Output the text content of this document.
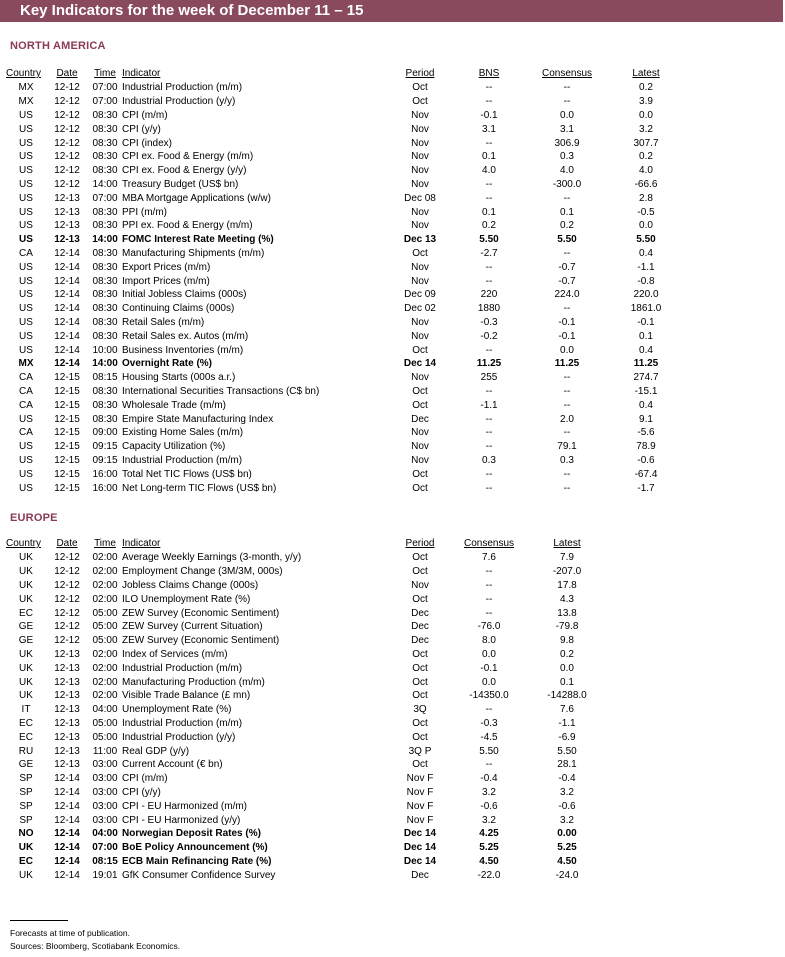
Key Indicators for the week of December 11 – 15
NORTH AMERICA
Country	Date	Time	Indicator	Period	BNS	Consensus	Latest
MX	12-12	07:00	Industrial Production (m/m)	Oct	--	--	0.2
MX	12-12	07:00	Industrial Production (y/y)	Oct	--	--	3.9
US	12-12	08:30	CPI (m/m)	Nov	-0.1	0.0	0.0
US	12-12	08:30	CPI (y/y)	Nov	3.1	3.1	3.2
US	12-12	08:30	CPI (index)	Nov	--	306.9	307.7
US	12-12	08:30	CPI ex. Food & Energy (m/m)	Nov	0.1	0.3	0.2
US	12-12	08:30	CPI ex. Food & Energy (y/y)	Nov	4.0	4.0	4.0
US	12-12	14:00	Treasury Budget (US$ bn)	Nov	--	-300.0	-66.6
US	12-13	07:00	MBA Mortgage Applications (w/w)	Dec 08	--	--	2.8
US	12-13	08:30	PPI (m/m)	Nov	0.1	0.1	-0.5
US	12-13	08:30	PPI ex. Food & Energy (m/m)	Nov	0.2	0.2	0.0
US	12-13	14:00	FOMC Interest Rate Meeting (%)	Dec 13	5.50	5.50	5.50
CA	12-14	08:30	Manufacturing Shipments (m/m)	Oct	-2.7	--	0.4
US	12-14	08:30	Export Prices (m/m)	Nov	--	-0.7	-1.1
US	12-14	08:30	Import Prices (m/m)	Nov	--	-0.7	-0.8
US	12-14	08:30	Initial Jobless Claims (000s)	Dec 09	220	224.0	220.0
US	12-14	08:30	Continuing Claims (000s)	Dec 02	1880	--	1861.0
US	12-14	08:30	Retail Sales (m/m)	Nov	-0.3	-0.1	-0.1
US	12-14	08:30	Retail Sales ex. Autos (m/m)	Nov	-0.2	-0.1	0.1
US	12-14	10:00	Business Inventories (m/m)	Oct	--	0.0	0.4
MX	12-14	14:00	Overnight Rate (%)	Dec 14	11.25	11.25	11.25
CA	12-15	08:15	Housing Starts (000s a.r.)	Nov	255	--	274.7
CA	12-15	08:30	International Securities Transactions (C$ bn)	Oct	--	--	-15.1
CA	12-15	08:30	Wholesale Trade (m/m)	Oct	-1.1	--	0.4
US	12-15	08:30	Empire State Manufacturing Index	Dec	--	2.0	9.1
CA	12-15	09:00	Existing Home Sales (m/m)	Nov	--	--	-5.6
US	12-15	09:15	Capacity Utilization (%)	Nov	--	79.1	78.9
US	12-15	09:15	Industrial Production (m/m)	Nov	0.3	0.3	-0.6
US	12-15	16:00	Total Net TIC Flows (US$ bn)	Oct	--	--	-67.4
US	12-15	16:00	Net Long-term TIC Flows (US$ bn)	Oct	--	--	-1.7
EUROPE
Country	Date	Time	Indicator	Period	Consensus	Latest
UK	12-12	02:00	Average Weekly Earnings (3-month, y/y)	Oct	7.6	7.9
UK	12-12	02:00	Employment Change (3M/3M, 000s)	Oct	--	-207.0
UK	12-12	02:00	Jobless Claims Change (000s)	Nov	--	17.8
UK	12-12	02:00	ILO Unemployment Rate (%)	Oct	--	4.3
EC	12-12	05:00	ZEW Survey (Economic Sentiment)	Dec	--	13.8
GE	12-12	05:00	ZEW Survey (Current Situation)	Dec	-76.0	-79.8
GE	12-12	05:00	ZEW Survey (Economic Sentiment)	Dec	8.0	9.8
UK	12-13	02:00	Index of Services (m/m)	Oct	0.0	0.2
UK	12-13	02:00	Industrial Production (m/m)	Oct	-0.1	0.0
UK	12-13	02:00	Manufacturing Production (m/m)	Oct	0.0	0.1
UK	12-13	02:00	Visible Trade Balance (£ mn)	Oct	-14350.0	-14288.0
IT	12-13	04:00	Unemployment Rate (%)	3Q	--	7.6
EC	12-13	05:00	Industrial Production (m/m)	Oct	-0.3	-1.1
EC	12-13	05:00	Industrial Production (y/y)	Oct	-4.5	-6.9
RU	12-13	11:00	Real GDP (y/y)	3Q P	5.50	5.50
GE	12-13	03:00	Current Account (€ bn)	Oct	--	28.1
SP	12-14	03:00	CPI (m/m)	Nov F	-0.4	-0.4
SP	12-14	03:00	CPI (y/y)	Nov F	3.2	3.2
SP	12-14	03:00	CPI - EU Harmonized (m/m)	Nov F	-0.6	-0.6
SP	12-14	03:00	CPI - EU Harmonized (y/y)	Nov F	3.2	3.2
NO	12-14	04:00	Norwegian Deposit Rates (%)	Dec 14	4.25	0.00
UK	12-14	07:00	BoE Policy Announcement (%)	Dec 14	5.25	5.25
EC	12-14	08:15	ECB Main Refinancing Rate (%)	Dec 14	4.50	4.50
UK	12-14	19:01	GfK Consumer Confidence Survey	Dec	-22.0	-24.0
Forecasts at time of publication.
Sources: Bloomberg, Scotiabank Economics.
